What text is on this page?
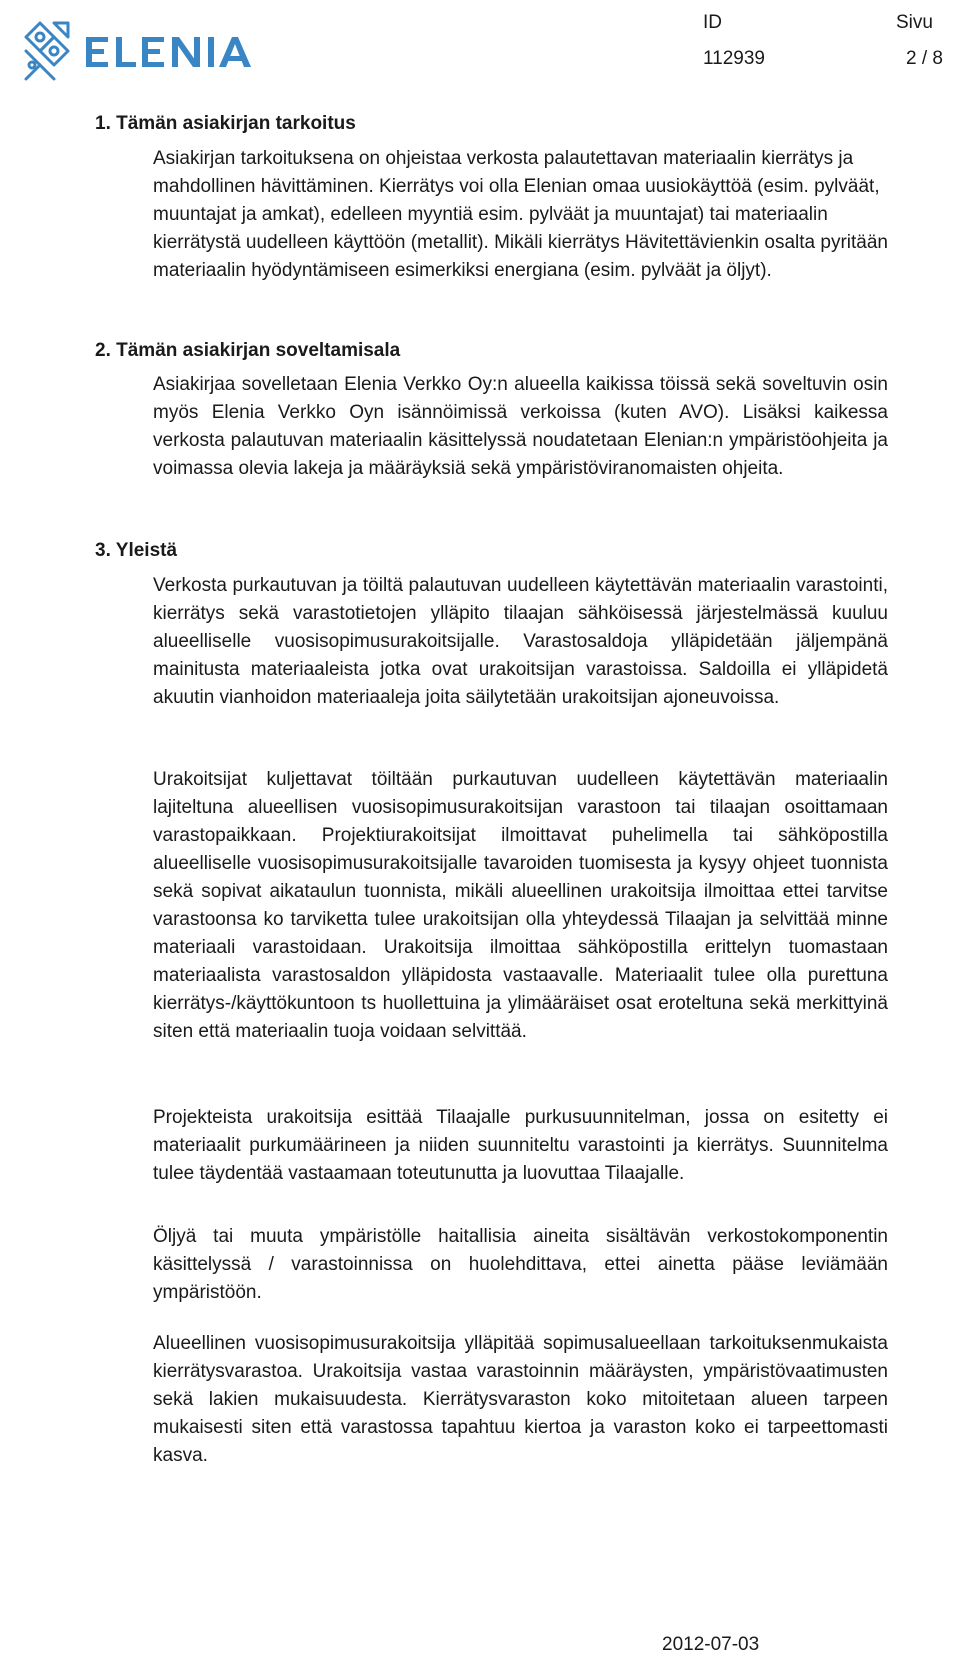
ID
112939
Sivu
2 / 8
1. Tämän asiakirjan tarkoitus
Asiakirjan tarkoituksena on ohjeistaa verkosta palautettavan materiaalin kierrätys ja mahdollinen hävittäminen. Kierrätys voi olla Elenian omaa uusiokäyttöä (esim. pylväät, muuntajat ja amkat), edelleen myyntiä esim. pylväät ja muuntajat) tai materiaalin kierrätystä uudelleen käyttöön (metallit). Mikäli kierrätys Hävitettävienkin osalta pyritään materiaalin hyödyntämiseen esimerkiksi energiana (esim. pylväät ja öljyt).
2. Tämän asiakirjan soveltamisala
Asiakirjaa sovelletaan Elenia Verkko Oy:n alueella kaikissa töissä sekä soveltuvin osin myös Elenia Verkko Oyn isännöimissä verkoissa (kuten AVO). Lisäksi kaikessa verkosta palautuvan materiaalin käsittelyssä noudatetaan Elenian:n ympäristöohjeita ja voimassa olevia lakeja ja määräyksiä sekä ympäristöviranomaisten ohjeita.
3. Yleistä
Verkosta purkautuvan ja töiltä palautuvan uudelleen käytettävän materiaalin varastointi, kierrätys sekä varastotietojen ylläpito tilaajan sähköisessä järjestelmässä kuuluu alueelliselle vuosisopimusurakoitsijalle. Varastosaldoja ylläpidetään jäljempänä mainitusta materiaaleista jotka ovat urakoitsijan varastoissa. Saldoilla ei ylläpidetä akuutin vianhoidon materiaaleja joita säilytetään urakoitsijan ajoneuvoissa.
Urakoitsijat kuljettavat töiltään purkautuvan uudelleen käytettävän materiaalin lajiteltuna alueellisen vuosisopimusurakoitsijan varastoon tai tilaajan osoittamaan varastopaikkaan. Projektiurakoitsijat ilmoittavat puhelimella tai sähköpostilla alueelliselle vuosisopimusurakoitsijalle tavaroiden tuomisesta ja kysyy ohjeet tuonnista sekä sopivat aikataulun tuonnista, mikäli alueellinen urakoitsija ilmoittaa ettei tarvitse varastoonsa ko tarviketta tulee urakoitsijan olla yhteydessä Tilaajan ja selvittää minne materiaali varastoidaan. Urakoitsija ilmoittaa sähköpostilla erittelyn tuomastaan materiaalista varastosaldon ylläpidosta vastaavalle. Materiaalit tulee olla purettuna kierrätys-/käyttökuntoon ts huollettuina ja ylimääräiset osat eroteltuna sekä merkittyinä siten että materiaalin tuoja voidaan selvittää.
Projekteista urakoitsija esittää Tilaajalle purkusuunnitelman, jossa on esitetty ei materiaalit purkumäärineen ja niiden suunniteltu varastointi ja kierrätys. Suunnitelma tulee täydentää vastaamaan toteutunutta ja luovuttaa Tilaajalle.
Öljyä tai muuta ympäristölle haitallisia aineita sisältävän verkostokomponentin käsittelyssä / varastoinnissa on huolehdittava, ettei ainetta pääse leviämään ympäristöön.
Alueellinen vuosisopimusurakoitsija ylläpitää sopimusalueellaan tarkoituksenmukaista kierrätysvarastoa. Urakoitsija vastaa varastoinnin määräysten, ympäristövaatimusten sekä lakien mukaisuudesta. Kierrätysvaraston koko mitoitetaan alueen tarpeen mukaisesti siten että varastossa tapahtuu kiertoa ja varaston koko ei tarpeettomasti kasva.
2012-07-03
